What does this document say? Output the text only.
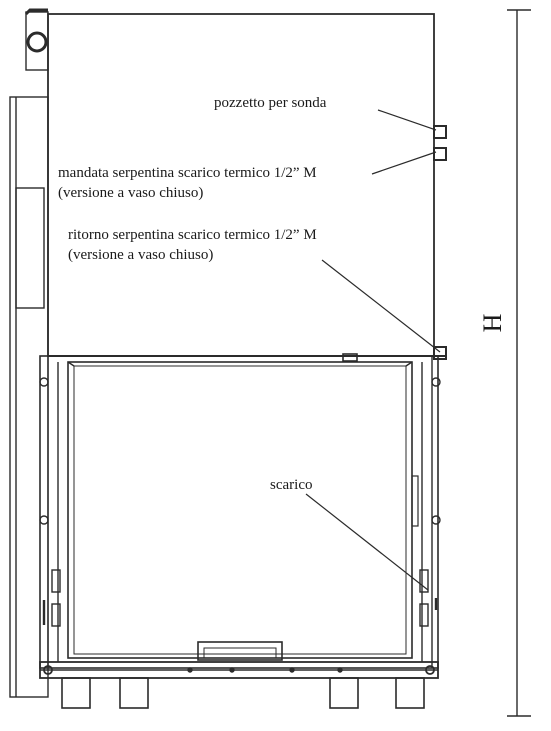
pozzetto per sonda
mandata serpentina scarico termico 1/2” M
(versione a vaso chiuso)
ritorno serpentina scarico termico 1/2” M
(versione a vaso chiuso)
scarico
H
